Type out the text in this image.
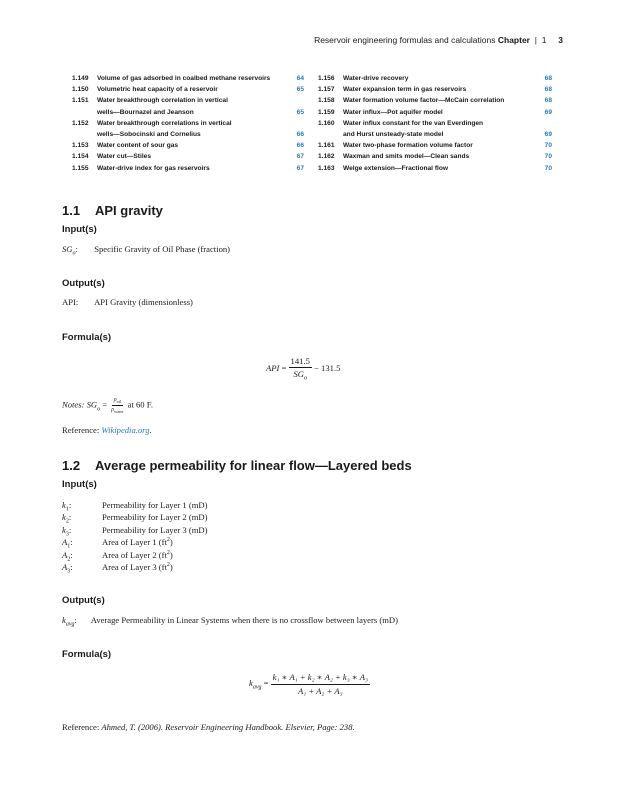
Reservoir engineering formulas and calculations Chapter  |  1 3
1.149	Volume of gas adsorbed in coalbed methane reservoirs	64
1.150	Volumetric heat capacity of a reservoir	65
1.151	Water breakthrough correlation in vertical
wells—Bournazel and Jeanson	65
1.152	Water breakthrough correlations in vertical
wells—Sobocinski and Cornelius	66
1.153	Water content of sour gas	66
1.154	Water cut—Stiles	67
1.155	Water-drive index for gas reservoirs	67
1.156	Water-drive recovery	68
1.157	Water expansion term in gas reservoirs	68
1.158	Water formation volume factor—McCain correlation	68
1.159	Water influx—Pot aquifer model	69
1.160	Water influx constant for the van Everdingen
and Hurst unsteady-state model	69
1.161	Water two-phase formation volume factor	70
1.162	Waxman and smits model—Clean sands	70
1.163	Welge extension—Fractional flow	70
1.1 API gravity
Input(s)
$SG_o$:  Specific Gravity of Oil Phase (fraction)
Output(s)
API: API Gravity (dimensionless)
Formula(s)
API = $\frac{141.5}{SG_o} - 131.5$
Notes: $SG_o = \frac{\rho_{oil}}{\rho_{water}}$ at 60 F.
Reference: Wikipedia.org.
1.2 Average permeability for linear flow—Layered beds
Input(s)
$k_1$:	Permeability for Layer 1 (mD)
$k_2$:	Permeability for Layer 2 (mD)
$k_3$:	Permeability for Layer 3 (mD)
$A_1$:	Area of Layer 1 $(ft^2)$
$A_2$:	Area of Layer 2 $(ft^2)$
$A_3$:	Area of Layer 3 $(ft^2)$
Output(s)
$k_{avg}$:  Average Permeability in Linear Systems when there is no crossflow between layers (mD)
Formula(s)
$k_{avg} = \frac{\text{k₁ ∗ A₁ + k₂ ∗ A₂ + k₃ ∗ A₃}}{\text{A₁ + A₂ + A₃}}$
Reference: Ahmed, T. (2006). Reservoir Engineering Handbook. Elsevier, Page: 238.
